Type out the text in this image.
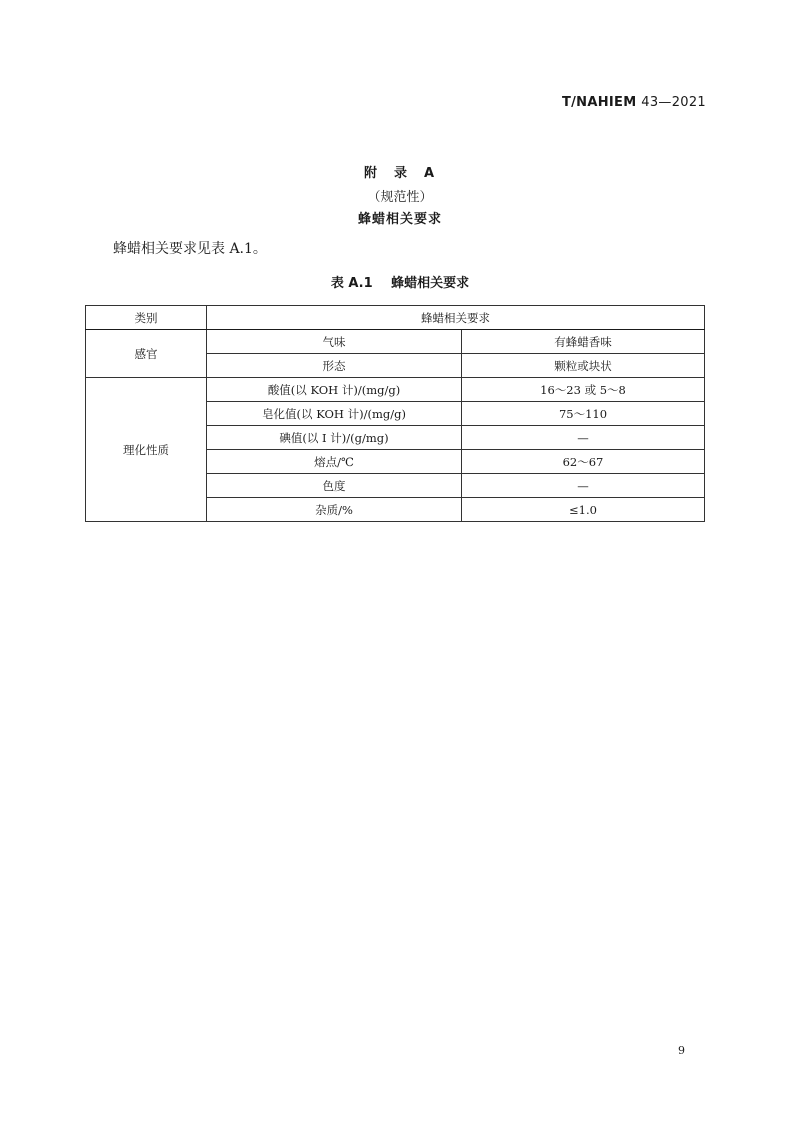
T/NAHIEM 43—2021
附　录　A
（规范性）
蜂蜡相关要求
蜂蜡相关要求见表 A.1。
表 A.1 蜂蜡相关要求
类别	蜂蜡相关要求	
感官	气味	有蜂蜡香味
	形态	颗粒或块状
理化性质	酸值(以 KOH 计)/(mg/g)	16～23 或 5～8
	皂化值(以 KOH 计)/(mg/g)	75～110
	碘值(以 I 计)/(g/mg)	—
	熔点/℃	62～67
	色度	—
	杂质/%	≤1.0
9
